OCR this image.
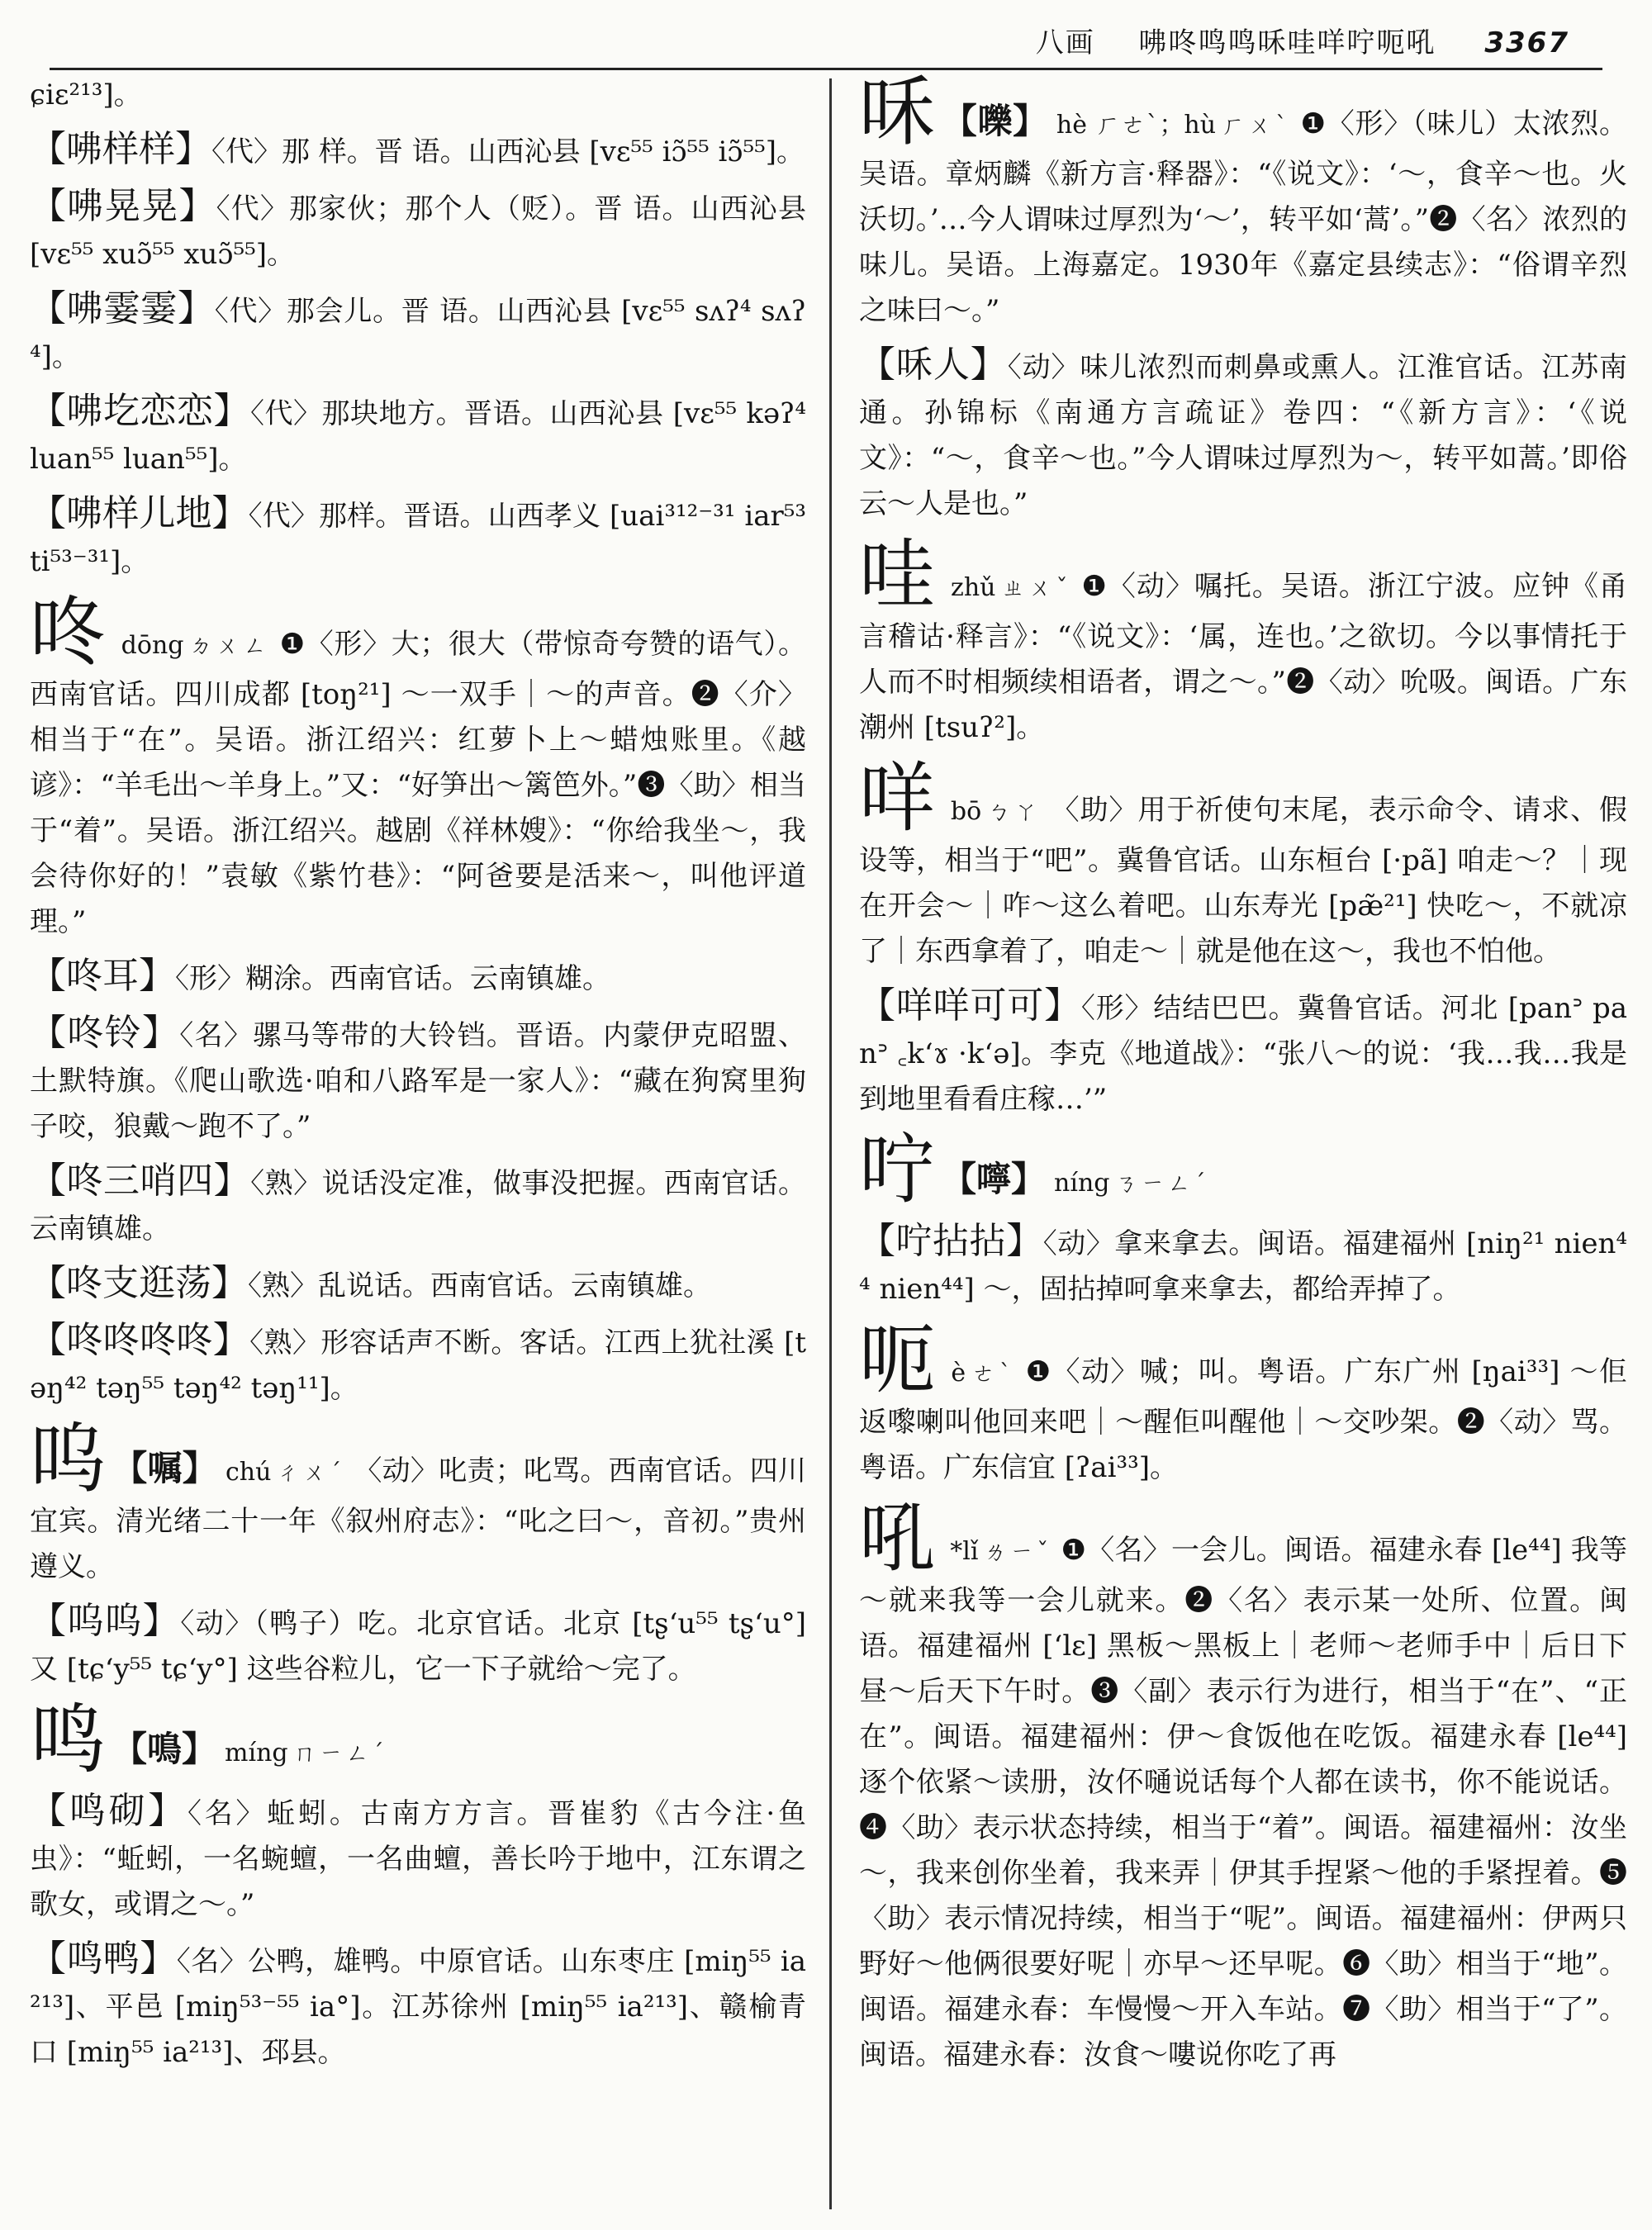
八画 咈咚鸣鸣咊哇咩咛呃吼 3367
ɕiɛ²¹³]。
【咈样样】〈代〉那 样。晋 语。山西沁县 [vɛ⁵⁵ iɔ̃⁵⁵ iɔ̃⁵⁵]。
【咈晃晃】〈代〉那家伙；那个人（贬）。晋 语。山西沁县 [vɛ⁵⁵ xuɔ̃⁵⁵ xuɔ̃⁵⁵]。
【咈霎霎】〈代〉那会儿。晋 语。山西沁县 [vɛ⁵⁵ sʌʔ⁴ sʌʔ⁴]。
【咈圪恋恋】〈代〉那块地方。晋语。山西沁县 [vɛ⁵⁵ kəʔ⁴ luan⁵⁵ luan⁵⁵]。
【咈样儿地】〈代〉那样。晋语。山西孝义 [uai³¹²⁻³¹ iar⁵³ ti⁵³⁻³¹]。
咚dōng ㄉㄨㄥ ❶〈形〉大；很大（带惊奇夸赞的语气）。西南官话。四川成都 [toŋ²¹] ～一双手｜～的声音。❷〈介〉相当于“在”。吴语。浙江绍兴：红萝卜上～蜡烛账里。《越谚》：“羊毛出～羊身上。”又：“好笋出～篱笆外。”❸〈助〉相当于“着”。吴语。浙江绍兴。越剧《祥林嫂》：“你给我坐～，我会待你好的！”袁敏《紫竹巷》：“阿爸要是活来～，叫他评道理。”
【咚耳】〈形〉糊涂。西南官话。云南镇雄。
【咚铃】〈名〉骡马等带的大铃铛。晋语。内蒙伊克昭盟、土默特旗。《爬山歌选·咱和八路军是一家人》：“藏在狗窝里狗子咬，狼戴～跑不了。”
【咚三哨四】〈熟〉说话没定准，做事没把握。西南官话。云南镇雄。
【咚支逛荡】〈熟〉乱说话。西南官话。云南镇雄。
【咚咚咚咚】〈熟〉形容话声不断。客话。江西上犹社溪 [təŋ⁴² təŋ⁵⁵ təŋ⁴² təŋ¹¹]。
呜 【嘱】 chú ㄔㄨˊ 〈动〉叱责；叱骂。西南官话。四川宜宾。清光绪二十一年《叙州府志》：“叱之曰～，音初。”贵州遵义。
【呜呜】〈动〉（鸭子）吃。北京官话。北京 [tʂʻu⁵⁵ tʂʻu°] 又 [tɕʻy⁵⁵ tɕʻy°] 这些谷粒儿，它一下子就给～完了。
鸣 【鳴】 míng ㄇㄧㄥˊ
【鸣砌】〈名〉蚯蚓。古南方方言。晋崔豹《古今注·鱼虫》：“蚯蚓，一名蜿蟺，一名曲蟺，善长吟于地中，江东谓之歌女，或谓之～。”
【鸣鸭】〈名〉公鸭，雄鸭。中原官话。山东枣庄 [miŋ⁵⁵ ia²¹³]、平邑 [miŋ⁵³⁻⁵⁵ ia°]。江苏徐州 [miŋ⁵⁵ ia²¹³]、赣榆青口 [miŋ⁵⁵ ia²¹³]、邳县。
咊 【嚛】 hè ㄏㄜˋ；hù ㄏㄨˋ ❶〈形〉（味儿）太浓烈。吴语。章炳麟《新方言·释器》：“《说文》：‘～，食辛～也。火沃切。’…今人谓味过厚烈为‘～’，转平如‘蒿’。”❷〈名〉浓烈的味儿。吴语。上海嘉定。1930年《嘉定县续志》：“俗谓辛烈之味曰～。”
【咊人】〈动〉味儿浓烈而刺鼻或熏人。江淮官话。江苏南通。孙锦标《南通方言疏证》卷四：“《新方言》：‘《说文》：“～，食辛～也。”今人谓味过厚烈为～，转平如蒿。’即俗云～人是也。”
哇zhǔ ㄓㄨˇ ❶〈动〉嘱托。吴语。浙江宁波。应钟《甬言稽诂·释言》：“《说文》：‘属，连也。’之欲切。今以事情托于人而不时相频续相语者，谓之～。”❷〈动〉吮吸。闽语。广东潮州 [tsuʔ²]。
咩bō ㄅㄚ 〈助〉用于祈使句末尾，表示命令、请求、假设等，相当于“吧”。冀鲁官话。山东桓台 [·pã] 咱走～？｜现在开会～｜咋～这么着吧。山东寿光 [pæ̃²¹] 快吃～，不就凉了｜东西拿着了，咱走～｜就是他在这～，我也不怕他。
【咩咩可可】〈形〉结结巴巴。冀鲁官话。河北 [panᐣ panᐣ ꜀kʻɤ ·kʻə]。李克《地道战》：“张八～的说：‘我…我…我是到地里看看庄稼…’”
咛 【嚀】 níng ㄋㄧㄥˊ
【咛拈拈】〈动〉拿来拿去。闽语。福建福州 [niŋ²¹ nien⁴⁴ nien⁴⁴] ～，固拈掉呵拿来拿去，都给弄掉了。
呃è ㄜˋ ❶〈动〉喊；叫。粤语。广东广州 [ŋai³³] ～佢返嚟喇叫他回来吧｜～醒佢叫醒他｜～交吵架。❷〈动〉骂。粤语。广东信宜 [ʔai³³]。
吼 *lǐ ㄌㄧˇ ❶〈名〉一会儿。闽语。福建永春 [le⁴⁴] 我等～就来我等一会儿就来。❷〈名〉表示某一处所、位置。闽语。福建福州 [ʻlɛ] 黑板～黑板上｜老师～老师手中｜后日下昼～后天下午时。❸〈副〉表示行为进行，相当于“在”、“正在”。闽语。福建福州：伊～食饭他在吃饭。福建永春 [le⁴⁴] 逐个依紧～读册，汝伓嗵说话每个人都在读书，你不能说话。❹〈助〉表示状态持续，相当于“着”。闽语。福建福州：汝坐～，我来创你坐着，我来弄｜伊其手捏紧～他的手紧捏着。❺〈助〉表示情况持续，相当于“呢”。闽语。福建福州：伊两只野好～他俩很要好呢｜亦早～还早呢。❻〈助〉相当于“地”。闽语。福建永春：车慢慢～开入车站。❼〈助〉相当于“了”。闽语。福建永春：汝食～嘍说你吃了再
